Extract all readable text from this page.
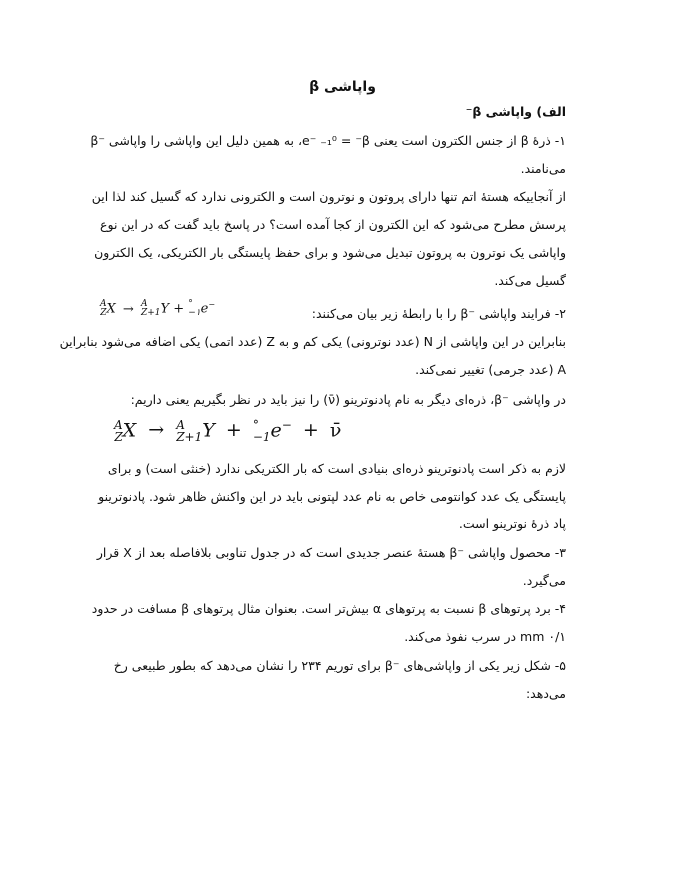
واپاشی β
الف) واپاشی β⁻
۱- ذرهٔ β از جنس الکترون است یعنی e⁻ ₋₁⁰ = ⁻β، به همین دلیل این واپاشی را واپاشی ⁻β
می‌نامند.
از آنجاییکه هستهٔ اتم تنها دارای پروتون و نوترون است و الکترونی ندارد که گسیل کند لذا این
پرسش مطرح می‌شود که این الکترون از کجا آمده است؟ در پاسخ باید گفت که در این نوع
واپاشی یک نوترون به پروتون تبدیل می‌شود و برای حفظ پایستگی بار الکتریکی، یک الکترون
گسیل می‌کند.
۲- فرایند واپاشی ⁻β را با رابطهٔ زیر بیان می‌کنند:
A
Z X → A
Z+1 Y + °
−۱ e−
بنابراین در این واپاشی از N (عدد نوترونی) یکی کم و به Z (عدد اتمی) یکی اضافه می‌شود بنابراین
A (عدد جرمی) تغییر نمی‌کند.
در واپاشی ⁻β، ذره‌ای دیگر به نام پادنوترینو (ν̄) را نیز باید در نظر بگیریم یعنی داریم:
A
Z X → A
Z+1 Y + °
−1 e− + ν̄
لازم به ذکر است پادنوترینو ذره‌ای بنیادی است که بار الکتریکی ندارد (خنثی است) و برای
پایستگی یک عدد کوانتومی خاص به نام عدد لپتونی باید در این واکنش ظاهر شود. پادنوترینو
پاد ذرهٔ نوترینو است.
۳- محصول واپاشی ⁻β هستهٔ عنصر جدیدی است که در جدول تناوبی بلافاصله بعد از X قرار
می‌گیرد.
۴- برد پرتوهای β نسبت به پرتوهای α بیش‌تر است. بعنوان مثال پرتوهای β مسافت در حدود
mm ۰/۱ در سرب نفوذ می‌کند.
۵- شکل زیر یکی از واپاشی‌های ⁻β برای توریم ۲۳۴ را نشان می‌دهد که بطور طبیعی رخ
می‌دهد:
